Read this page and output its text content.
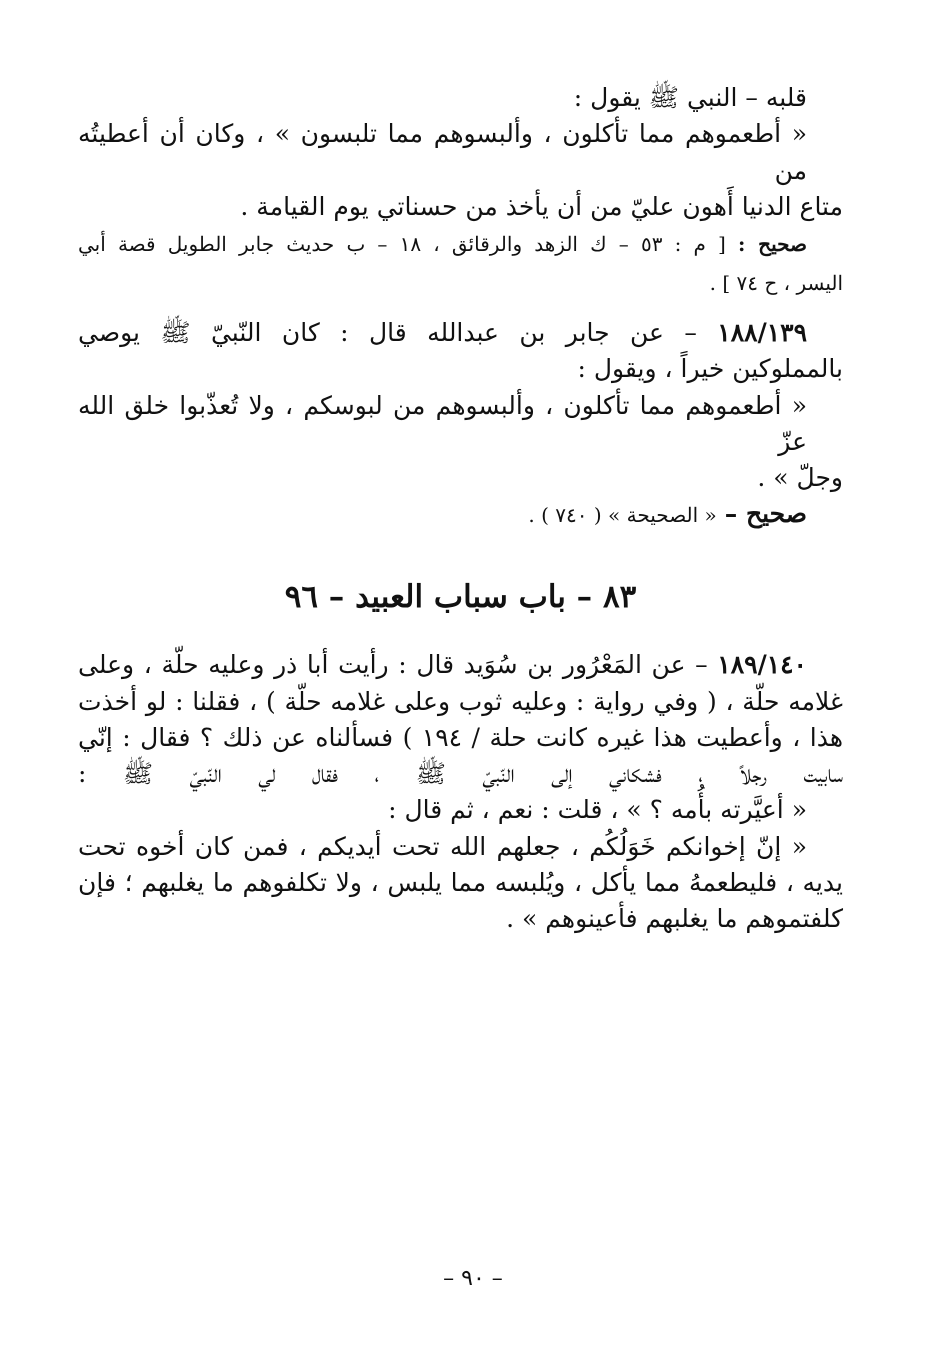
قلبه – النبي ﷺ يقول :
« أطعموهم مما تأكلون ، وألبسوهم مما تلبسون » ، وكان أن أعطيتُه من
متاع الدنيا أَهون عليّ من أن يأخذ من حسناتي يوم القيامة .
صحيح : [ م : ٥٣ – ك الزهد والرقائق ، ١٨ – ب حديث جابر الطويل قصة أبي
اليسر ، ح ٧٤ ] .
١٨٨/١٣٩ – عن جابر بن عبدالله قال : كان النّبيّ ﷺ يوصي
بالمملوكين خيراً ، ويقول :
« أطعموهم مما تأكلون ، وألبسوهم من لبوسكم ، ولا تُعذّبوا خلق الله عزّ
وجلّ » .
صحيح – « الصحيحة » ( ٧٤٠ ) .
٨٣ – باب سباب العبيد – ٩٦
١٨٩/١٤٠ – عن المَعْرُور بن سُوَيد قال : رأيت أبا ذر وعليه حلّة ، وعلى
غلامه حلّة ، ( وفي رواية : وعليه ثوب وعلى غلامه حلّة ) ، فقلنا : لو أخذت
هذا ، وأعطيت هذا غيره كانت حلة / ١٩٤ ) فسألناه عن ذلك ؟ فقال : إنّي
سابيت رجلاً ، فشكاني إلى النّبيّ ﷺ ، فقال لي النّبيّ ﷺ :
« أعيَّرته بأُمه ؟ » ، قلت : نعم ، ثم قال :
« إنّ إخوانكم خَوَلُكُم ، جعلهم الله تحت أيديكم ، فمن كان أخوه تحت
يديه ، فليطعمهُ مما يأكل ، ويُلبسه مما يلبس ، ولا تكلفوهم ما يغلبهم ؛ فإن
كلفتموهم ما يغلبهم فأعينوهم » .
– ٩٠ –
